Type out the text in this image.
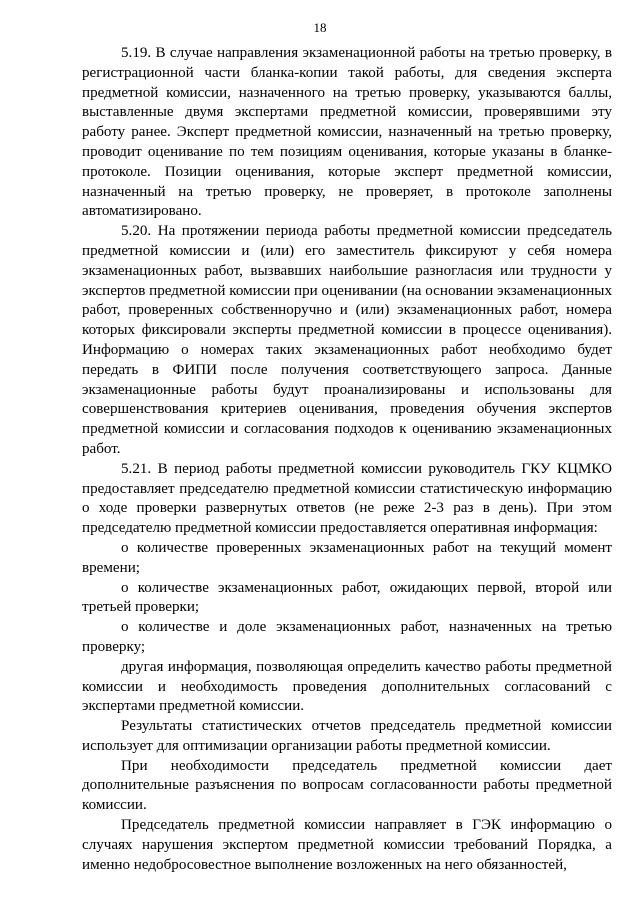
18

5.19. В случае направления экзаменационной работы на третью проверку, в регистрационной части бланка-копии такой работы, для сведения эксперта предметной комиссии, назначенного на третью проверку, указываются баллы, выставленные двумя экспертами предметной комиссии, проверявшими эту работу ранее. Эксперт предметной комиссии, назначенный на третью проверку, проводит оценивание по тем позициям оценивания, которые указаны в бланке-протоколе. Позиции оценивания, которые эксперт предметной комиссии, назначенный на третью проверку, не проверяет, в протоколе заполнены автоматизировано.

5.20. На протяжении периода работы предметной комиссии председатель предметной комиссии и (или) его заместитель фиксируют у себя номера экзаменационных работ, вызвавших наибольшие разногласия или трудности у экспертов предметной комиссии при оценивании (на основании экзаменационных работ, проверенных собственноручно и (или) экзаменационных работ, номера которых фиксировали эксперты предметной комиссии в процессе оценивания). Информацию о номерах таких экзаменационных работ необходимо будет передать в ФИПИ после получения соответствующего запроса. Данные экзаменационные работы будут проанализированы и использованы для совершенствования критериев оценивания, проведения обучения экспертов предметной комиссии и согласования подходов к оцениванию экзаменационных работ.

5.21. В период работы предметной комиссии руководитель ГКУ КЦМКО предоставляет председателю предметной комиссии статистическую информацию о ходе проверки развернутых ответов (не реже 2-3 раз в день). При этом председателю предметной комиссии предоставляется оперативная информация:

о количестве проверенных экзаменационных работ на текущий момент времени;

о количестве экзаменационных работ, ожидающих первой, второй или третьей проверки;

о количестве и доле экзаменационных работ, назначенных на третью проверку;

другая информация, позволяющая определить качество работы предметной комиссии и необходимость проведения дополнительных согласований с экспертами предметной комиссии.

Результаты статистических отчетов председатель предметной комиссии использует для оптимизации организации работы предметной комиссии.

При необходимости председатель предметной комиссии дает дополнительные разъяснения по вопросам согласованности работы предметной комиссии.

Председатель предметной комиссии направляет в ГЭК информацию о случаях нарушения экспертом предметной комиссии требований Порядка, а именно недобросовестное выполнение возложенных на него обязанностей,
